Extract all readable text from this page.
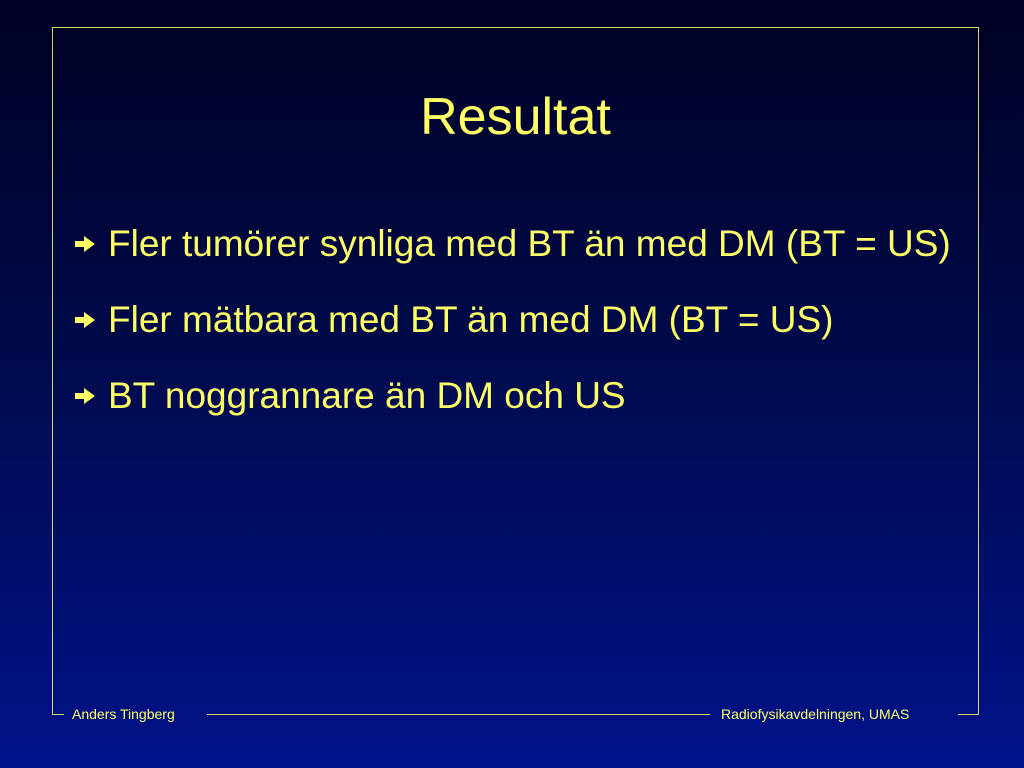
Resultat
Fler tumörer synliga med BT än med DM (BT = US)
Fler mätbara med BT än med DM (BT = US)
BT noggrannare än DM och US
Anders Tingberg	Radiofysikavdelningen, UMAS
